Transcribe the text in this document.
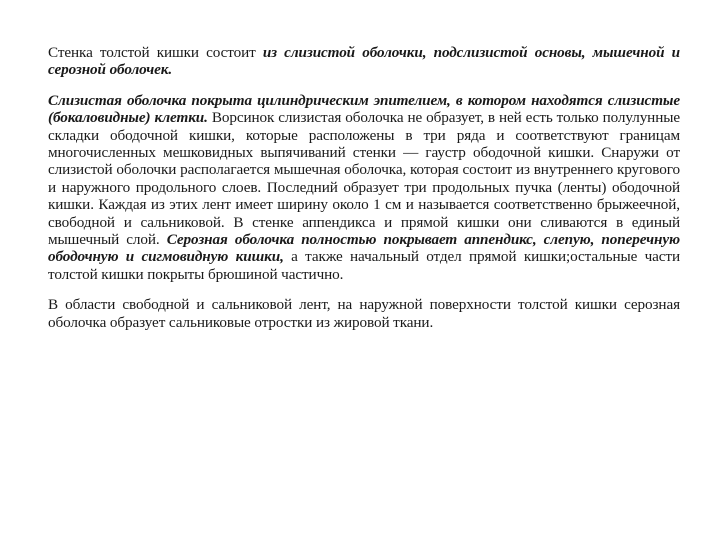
Стенка толстой кишки состоит из слизистой оболочки, подслизистой основы, мышечной и серозной оболочек.

Слизистая оболочка покрыта цилиндрическим эпителием, в котором находятся слизистые (бокаловидные) клетки. Ворсинок слизистая оболочка не образует, в ней есть только полулунные складки ободочной кишки, которые расположены в три ряда и соответствуют границам многочисленных мешковидных выпячиваний стенки — гаустр ободочной кишки. Снаружи от слизистой оболочки располагается мышечная оболочка, которая состоит из внутреннего кругового и наружного продольного слоев. Последний образует три продольных пучка (ленты) ободочной кишки. Каждая из этих лент имеет ширину около 1 см и называется соответственно брыжеечной, свободной и сальниковой. В стенке аппендикса и прямой кишки они сливаются в единый мышечный слой. Серозная оболочка полностью покрывает аппендикс, слепую, поперечную ободочную и сигмовидную кишки, а также начальный отдел прямой кишки;остальные части толстой кишки покрыты брюшиной частично.

В области свободной и сальниковой лент, на наружной поверхности толстой кишки серозная оболочка образует сальниковые отростки из жировой ткани.
